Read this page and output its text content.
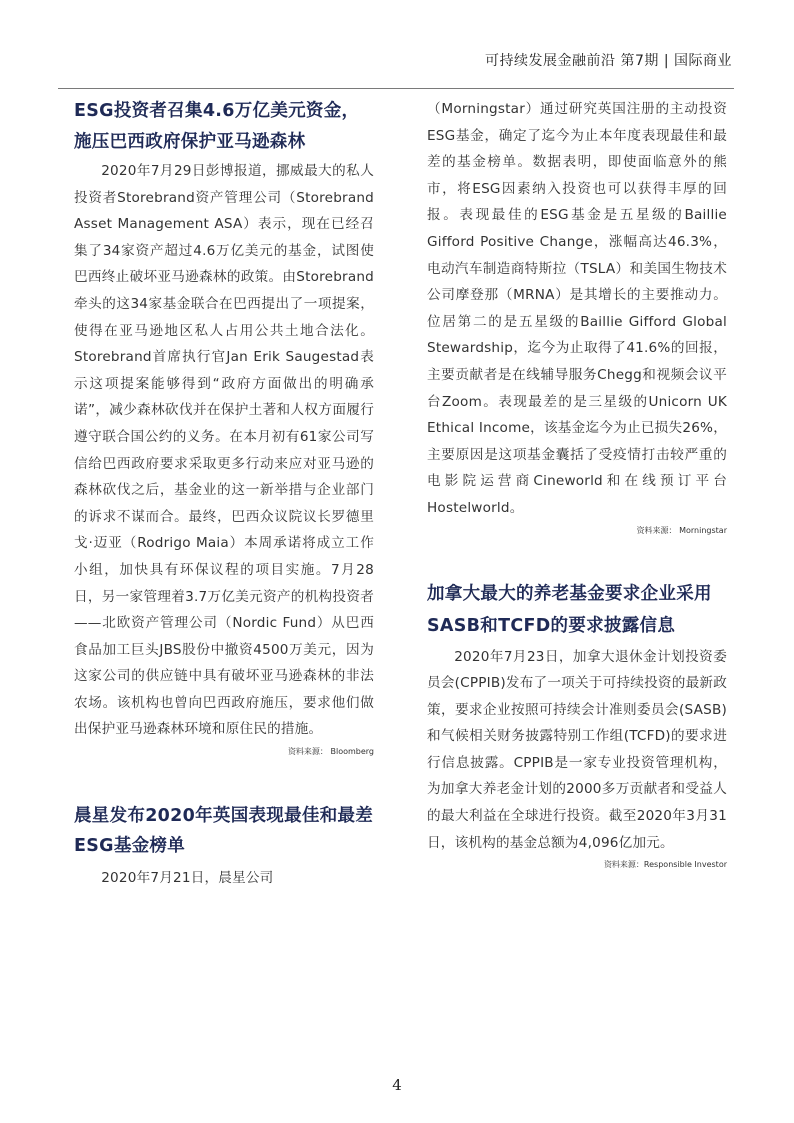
可持续发展金融前沿 第7期 | 国际商业
ESG投资者召集4.6万亿美元资金，施压巴西政府保护亚马逊森林

2020年7月29日彭博报道，挪威最大的私人投资者Storebrand资产管理公司（Storebrand Asset Management ASA）表示，现在已经召集了34家资产超过4.6万亿美元的基金，试图使巴西终止破坏亚马逊森林的政策。由Storebrand牵头的这34家基金联合在巴西提出了一项提案，使得在亚马逊地区私人占用公共土地合法化。Storebrand首席执行官Jan Erik Saugestad表示这项提案能够得到“政府方面做出的明确承诺”，减少森林砍伐并在保护土著和人权方面履行遵守联合国公约的义务。在本月初有61家公司写信给巴西政府要求采取更多行动来应对亚马逊的森林砍伐之后，基金业的这一新举措与企业部门的诉求不谋而合。最终，巴西众议院议长罗德里戈·迈亚（Rodrigo Maia）本周承诺将成立工作小组，加快具有环保议程的项目实施。7月28日，另一家管理着3.7万亿美元资产的机构投资者——北欧资产管理公司（Nordic Fund）从巴西食品加工巨头JBS股份中撤资4500万美元，因为这家公司的供应链中具有破坏亚马逊森林的非法农场。该机构也曾向巴西政府施压，要求他们做出保护亚马逊森林环境和原住民的措施。

资料来源： Bloomberg
晨星发布2020年英国表现最佳和最差ESG基金榜单

2020年7月21日，晨星公司

（Morningstar）通过研究英国注册的主动投资ESG基金，确定了迄今为止本年度表现最佳和最差的基金榜单。数据表明，即使面临意外的熊市，将ESG因素纳入投资也可以获得丰厚的回报。表现最佳的ESG基金是五星级的Baillie Gifford Positive Change，涨幅高达46.3%，电动汽车制造商特斯拉（TSLA）和美国生物技术公司摩登那（MRNA）是其增长的主要推动力。位居第二的是五星级的Baillie Gifford Global Stewardship，迄今为止取得了41.6%的回报，主要贡献者是在线辅导服务Chegg和视频会议平台Zoom。表现最差的是三星级的Unicorn UK Ethical Income，该基金迄今为止已损失26%，主要原因是这项基金囊括了受疫情打击较严重的电影院运营商Cineworld和在线预订平台Hostelworld。

资料来源： Morningstar
加拿大最大的养老基金要求企业采用SASB和TCFD的要求披露信息

2020年7月23日，加拿大退休金计划投资委员会(CPPIB)发布了一项关于可持续投资的最新政策，要求企业按照可持续会计准则委员会(SASB)和气候相关财务披露特别工作组(TCFD)的要求进行信息披露。CPPIB是一家专业投资管理机构，为加拿大养老金计划的2000多万贡献者和受益人的最大利益在全球进行投资。截至2020年3月31日，该机构的基金总额为4,096亿加元。

资料来源：Responsible Investor
4
